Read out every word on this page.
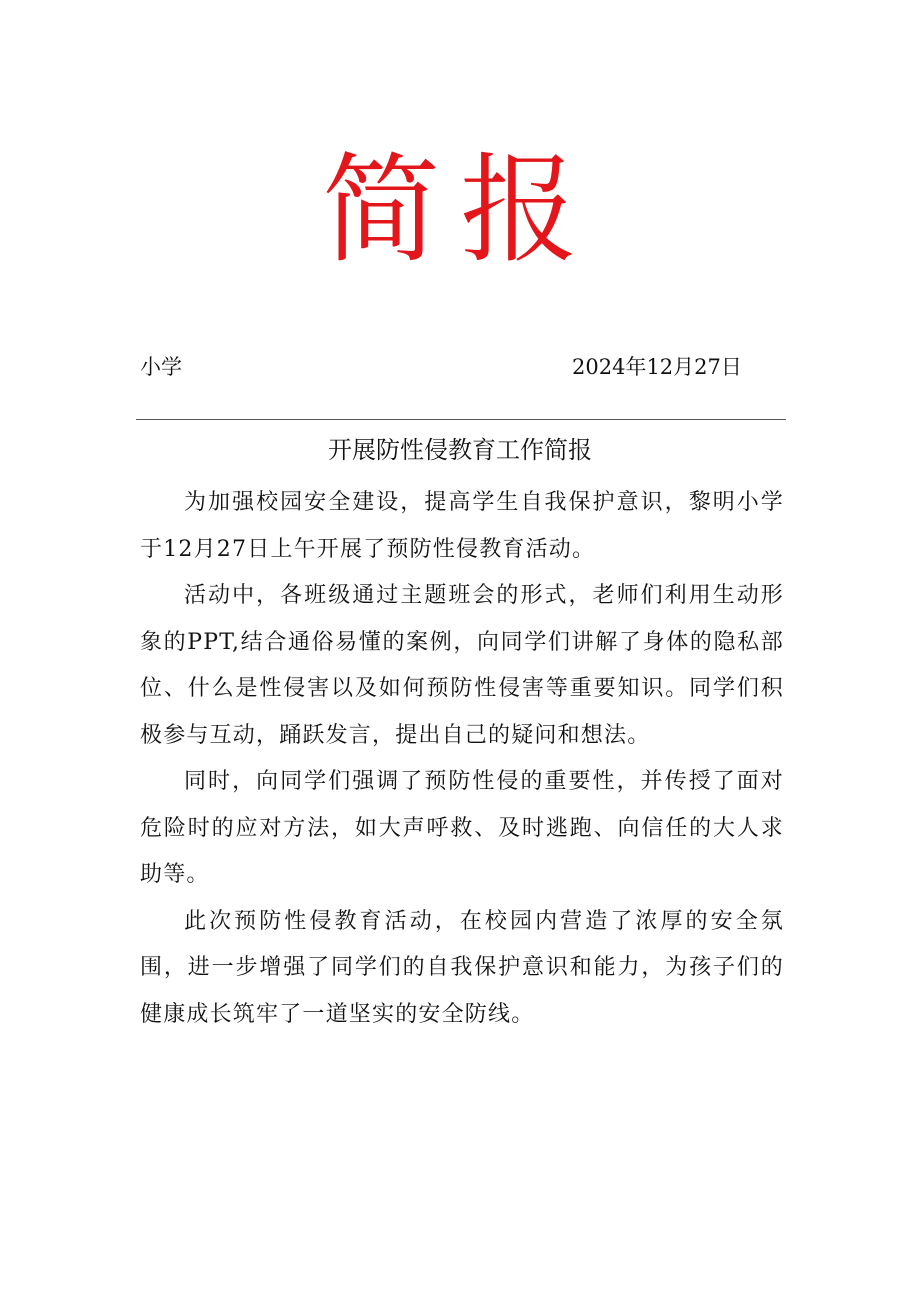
简报
小学	2024年12月27日
开展防性侵教育工作简报

为加强校园安全建设，提高学生自我保护意识，黎明小学于12月27日上午开展了预防性侵教育活动。

活动中，各班级通过主题班会的形式，老师们利用生动形象的PPT,结合通俗易懂的案例，向同学们讲解了身体的隐私部位、什么是性侵害以及如何预防性侵害等重要知识。同学们积极参与互动，踊跃发言，提出自己的疑问和想法。

同时，向同学们强调了预防性侵的重要性，并传授了面对危险时的应对方法，如大声呼救、及时逃跑、向信任的大人求助等。

此次预防性侵教育活动，在校园内营造了浓厚的安全氛围，进一步增强了同学们的自我保护意识和能力，为孩子们的健康成长筑牢了一道坚实的安全防线。
